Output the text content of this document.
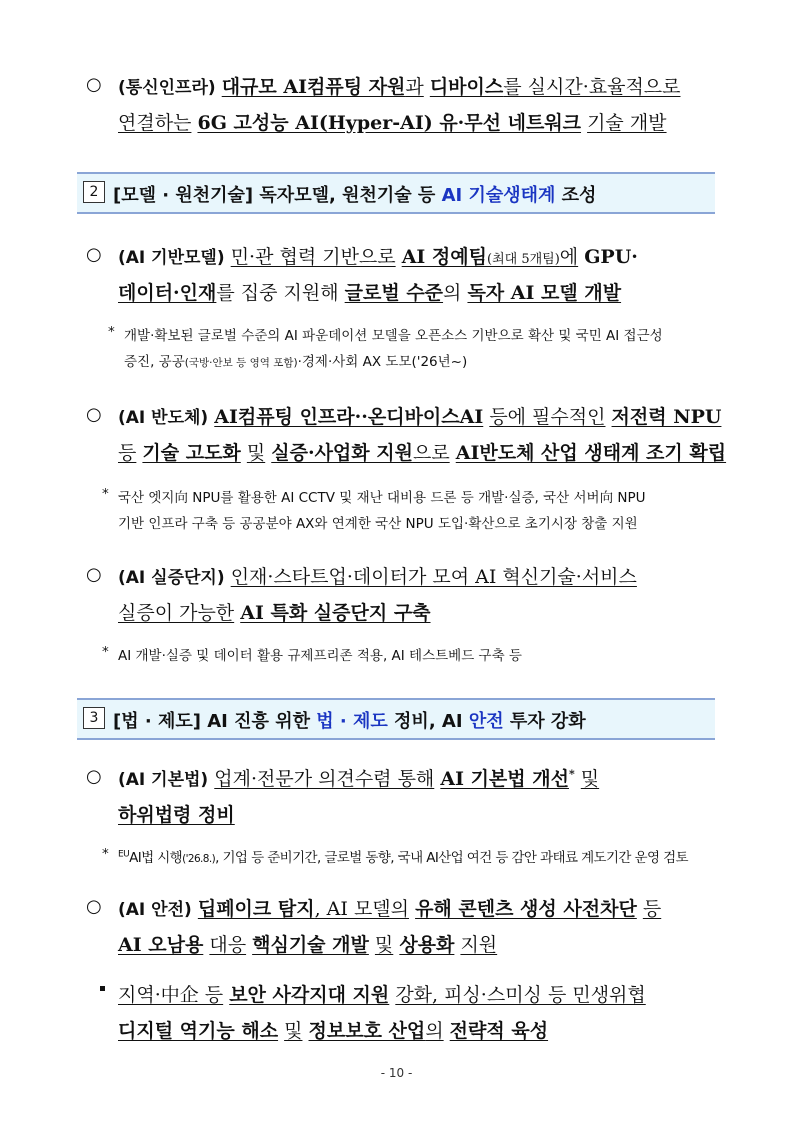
○ (통신인프라) 대규모 AI컴퓨팅 자원과 디바이스를 실시간·효율적으로
연결하는 6G 고성능 AI(Hyper-AI) 유·무선 네트워크 기술 개발
2 [모델 · 원천기술] 독자모델, 원천기술 등 AI 기술생태계 조성
○ (AI 기반모델) 민·관 협력 기반으로 AI 정예팀(최대 5개팀)에 GPU·
데이터·인재를 집중 지원해 글로벌 수준의 독자 AI 모델 개발
* 개발·확보된 글로벌 수준의 AI 파운데이션 모델을 오픈소스 기반으로 확산 및 국민 AI 접근성
증진, 공공(국방·안보 등 영역 포함)·경제·사회 AX 도모('26년~)
○ (AI 반도체) AI컴퓨팅 인프라··온디바이스AI 등에 필수적인 저전력 NPU
등 기술 고도화 및 실증·사업화 지원으로 AI반도체 산업 생태계 조기 확립
* 국산 엣지向 NPU를 활용한 AI CCTV 및 재난 대비용 드론 등 개발·실증, 국산 서버向 NPU
기반 인프라 구축 등 공공분야 AX와 연계한 국산 NPU 도입·확산으로 초기시장 창출 지원
○ (AI 실증단지) 인재·스타트업·데이터가 모여 AI 혁신기술·서비스
실증이 가능한 AI 특화 실증단지 구축
* AI 개발·실증 및 데이터 활용 규제프리존 적용, AI 테스트베드 구축 등
3 [법 · 제도] AI 진흥 위한 법 · 제도 정비, AI 안전 투자 강화
○ (AI 기본법) 업계·전문가 의견수렴 통해 AI 기본법 개선* 및
하위법령 정비
* $^{EU}$AI법 시행('26.8.), 기업 등 준비기간, 글로벌 동향, 국내 AI산업 여건 등 감안 과태료 계도기간 운영 검토
○ (AI 안전) 딥페이크 탐지, AI 모델의 유해 콘텐츠 생성 사전차단 등
AI 오남용 대응 핵심기술 개발 및 상용화 지원
지역·中企 등 보안 사각지대 지원 강화, 피싱·스미싱 등 민생위협
디지털 역기능 해소 및 정보보호 산업의 전략적 육성
- 10 -
